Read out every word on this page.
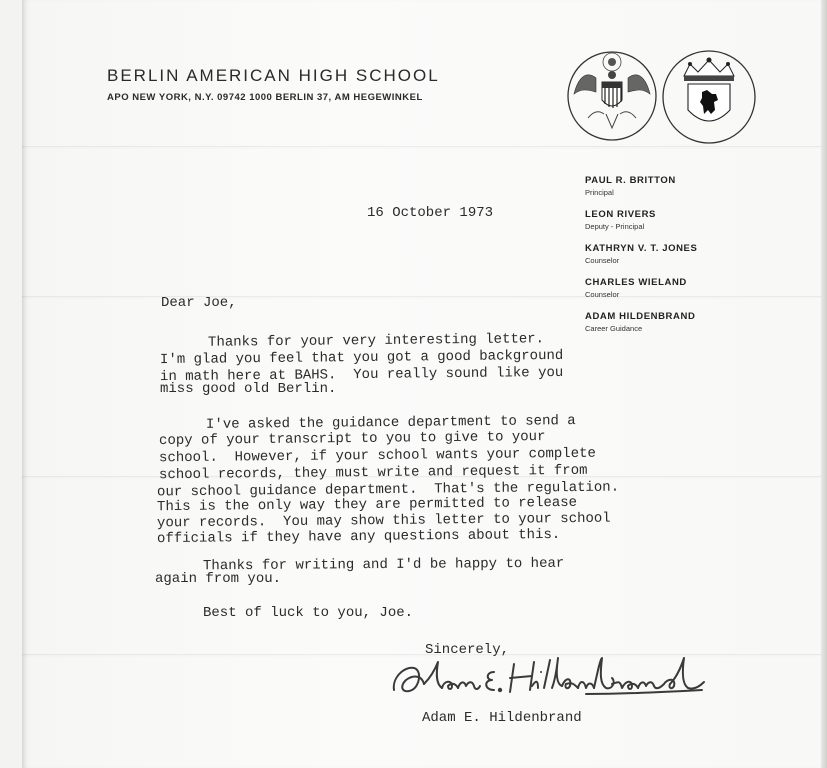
BERLIN AMERICAN HIGH SCHOOL
APO NEW YORK, N.Y. 09742 1000 BERLIN 37, AM HEGEWINKEL
PAUL R. BRITTON
Principal
LEON RIVERS
Deputy - Principal
KATHRYN V. T. JONES
Counselor
CHARLES WIELAND
Counselor
ADAM HILDENBRAND
Career Guidance
16 October 1973
Dear Joe,
Thanks for your very interesting letter.
I'm glad you feel that you got a good background
in math here at BAHS.  You really sound like you
miss good old Berlin.
I've asked the guidance department to send a
copy of your transcript to you to give to your
school.  However, if your school wants your complete
school records, they must write and request it from
our school guidance department.  That's the regulation.
This is the only way they are permitted to release
your records.  You may show this letter to your school
officials if they have any questions about this.
Thanks for writing and I'd be happy to hear
again from you.
Best of luck to you, Joe.
Sincerely,
Adam E. Hildenbrand
